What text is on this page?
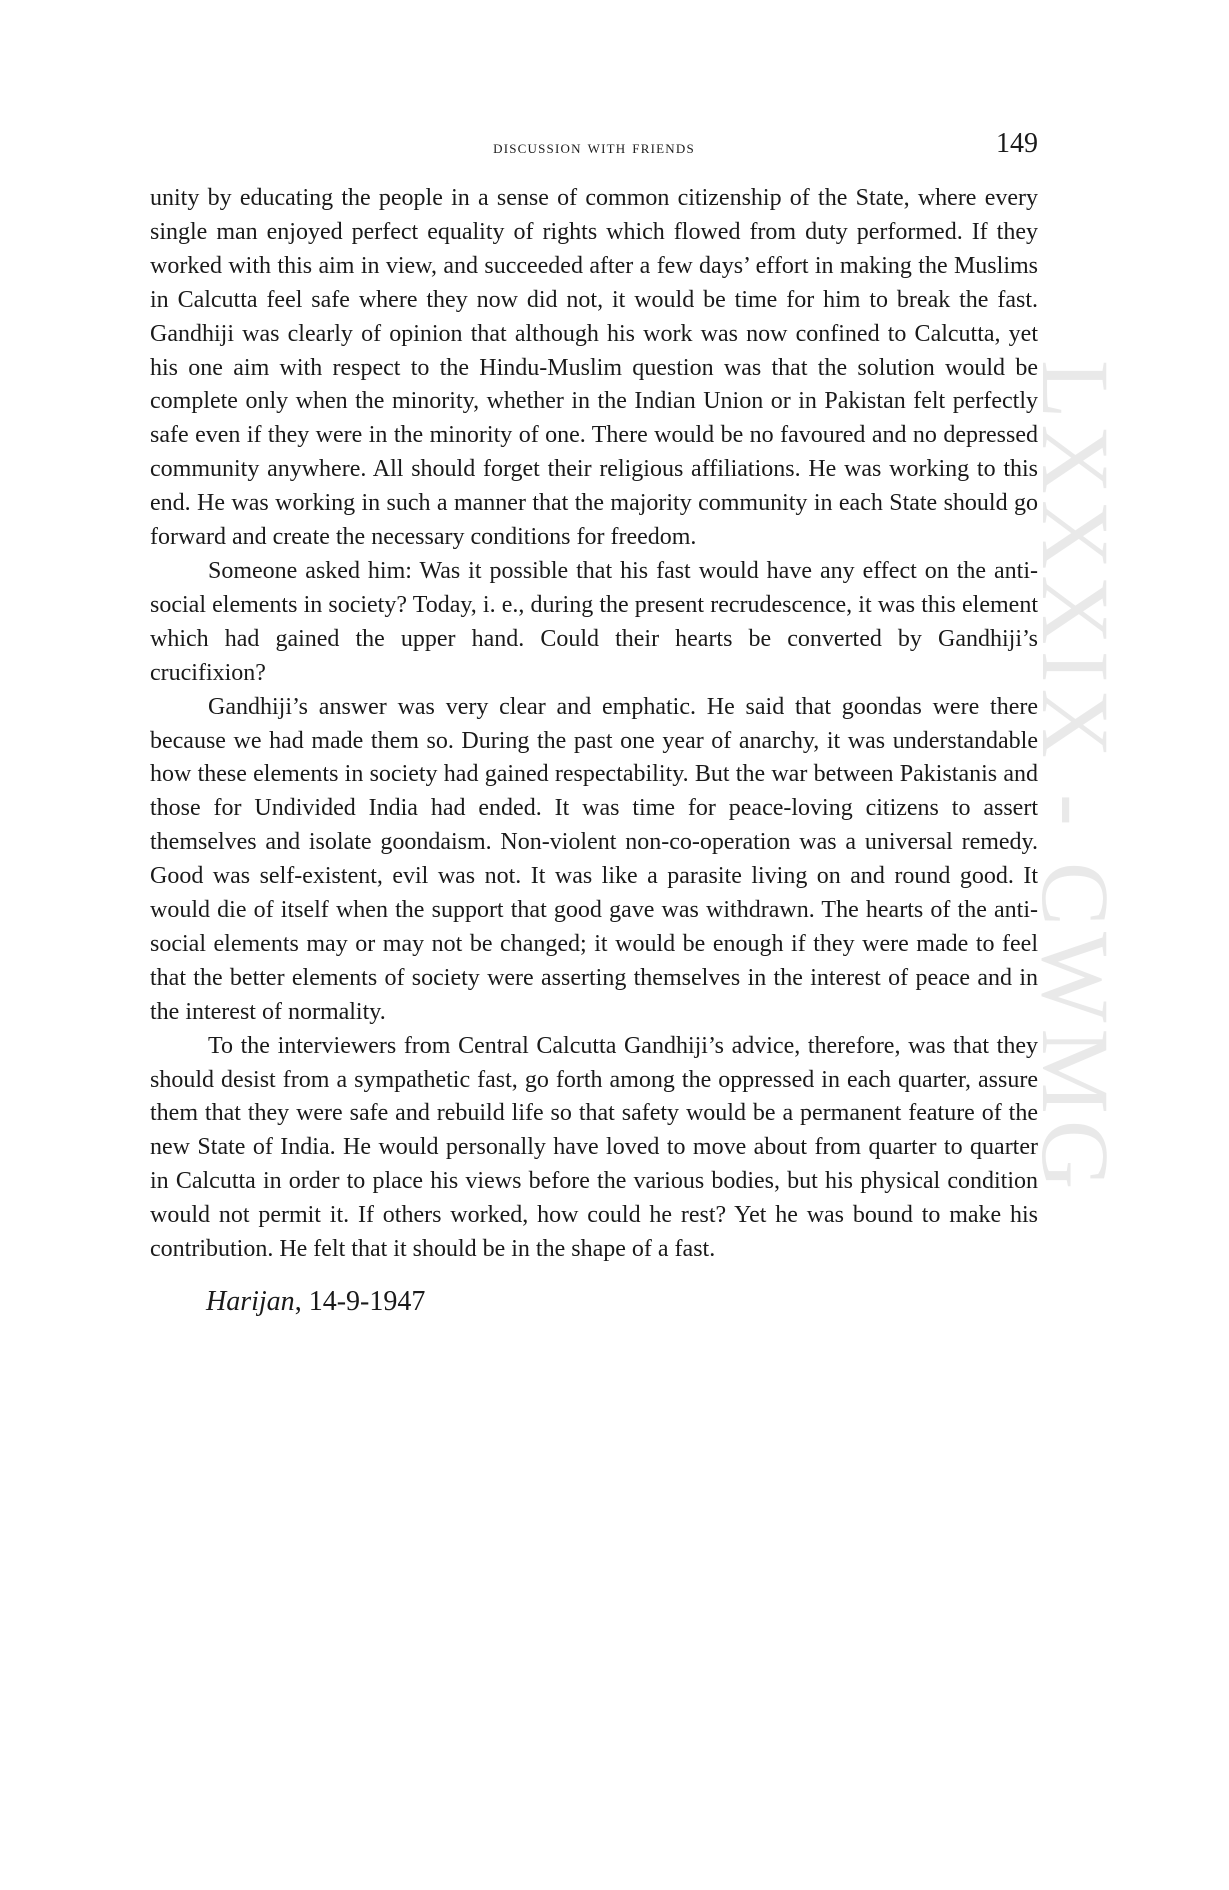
LXXXIX - CWMG
discussion with friends	149

unity by educating the people in a sense of common citizenship of the State, where every single man enjoyed perfect equality of rights which flowed from duty performed. If they worked with this aim in view, and succeeded after a few days’ effort in making the Muslims in Calcutta feel safe where they now did not, it would be time for him to break the fast. Gandhiji was clearly of opinion that although his work was now confined to Calcutta, yet his one aim with respect to the Hindu-Muslim question was that the solution would be complete only when the minority, whether in the Indian Union or in Pakistan felt perfectly safe even if they were in the minority of one. There would be no favoured and no depressed community anywhere. All should forget their religious affiliations. He was working to this end. He was working in such a manner that the majority community in each State should go forward and create the necessary conditions for freedom.

Someone asked him: Was it possible that his fast would have any effect on the anti-social elements in society? Today, i. e., during the present recrudescence, it was this element which had gained the upper hand. Could their hearts be converted by Gandhiji’s crucifixion?

Gandhiji’s answer was very clear and emphatic. He said that goondas were there because we had made them so. During the past one year of anarchy, it was understandable how these elements in society had gained respectability. But the war between Pakistanis and those for Undivided India had ended. It was time for peace-loving citizens to assert themselves and isolate goondaism. Non-violent non-co-operation was a universal remedy. Good was self-existent, evil was not. It was like a parasite living on and round good. It would die of itself when the support that good gave was withdrawn. The hearts of the anti-social elements may or may not be changed; it would be enough if they were made to feel that the better elements of society were asserting themselves in the interest of peace and in the interest of normality.

To the interviewers from Central Calcutta Gandhiji’s advice, therefore, was that they should desist from a sympathetic fast, go forth among the oppressed in each quarter, assure them that they were safe and rebuild life so that safety would be a permanent feature of the new State of India. He would personally have loved to move about from quarter to quarter in Calcutta in order to place his views before the various bodies, but his physical condition would not permit it. If others worked, how could he rest? Yet he was bound to make his contribution. He felt that it should be in the shape of a fast.

Harijan, 14-9-1947
